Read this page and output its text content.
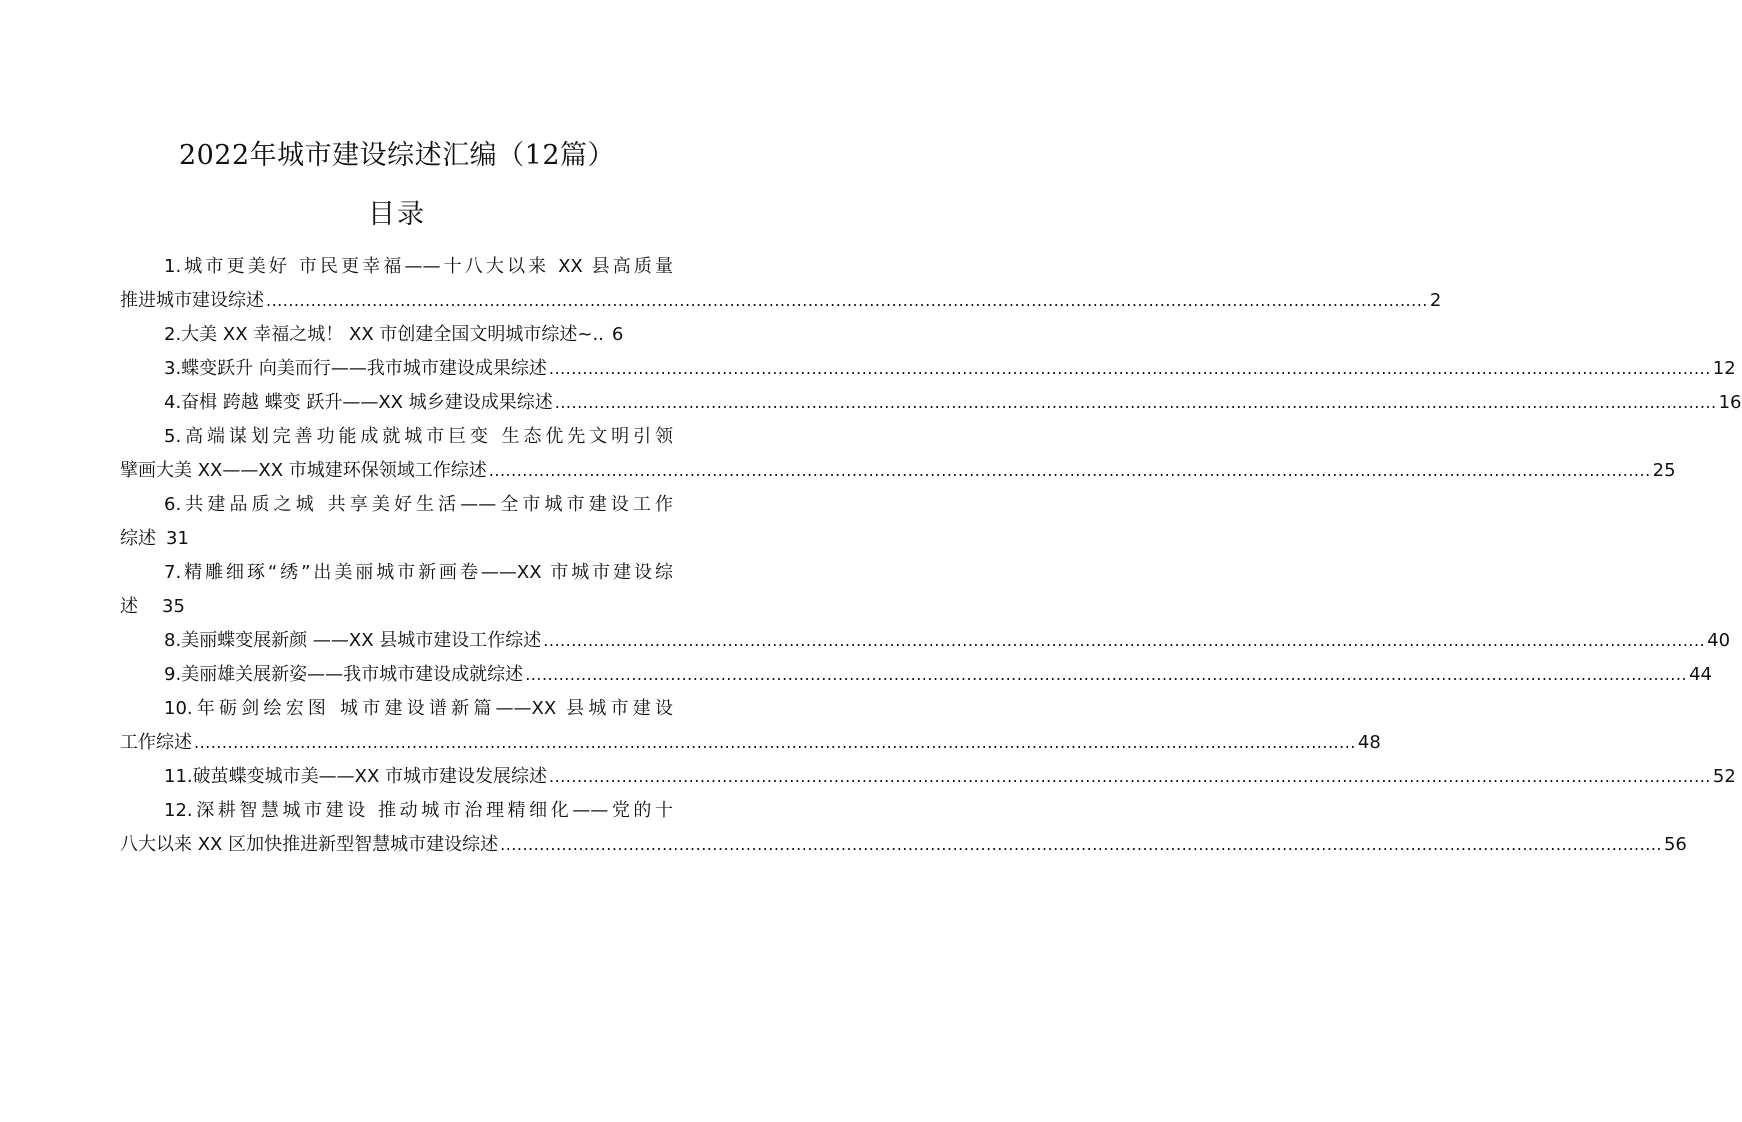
2022年城市建设综述汇编（12篇）
目录
1.城市更美好 市民更幸福——十八大以来 XX 县高质量
推进城市建设综述 .....	2
2.大美 XX 幸福之城！ XX 市创建全国文明城市综述~.. 6
3.蝶变跃升 向美而行——我市城市建设成果综述 .....	12
4.奋楫 跨越 蝶变 跃升——XX 城乡建设成果综述 .....	16
5.高端谋划完善功能成就城市巨变 生态优先文明引领
擘画大美 XX——XX 市城建环保领域工作综述 .....	25
6.共建品质之城 共享美好生活——全市城市建设工作
综述 31
7.精雕细琢“绣”出美丽城市新画卷——XX 市城市建设综
述 35
8.美丽蝶变展新颜 ——XX 县城市建设工作综述 .....	40
9.美丽雄关展新姿——我市城市建设成就综述 .....	44
10.年砺剑绘宏图 城市建设谱新篇——XX 县城市建设
工作综述 .....	48
11.破茧蝶变城市美——XX 市城市建设发展综述 .....	52
12.深耕智慧城市建设 推动城市治理精细化——党的十
八大以来 XX 区加快推进新型智慧城市建设综述 .....	56
